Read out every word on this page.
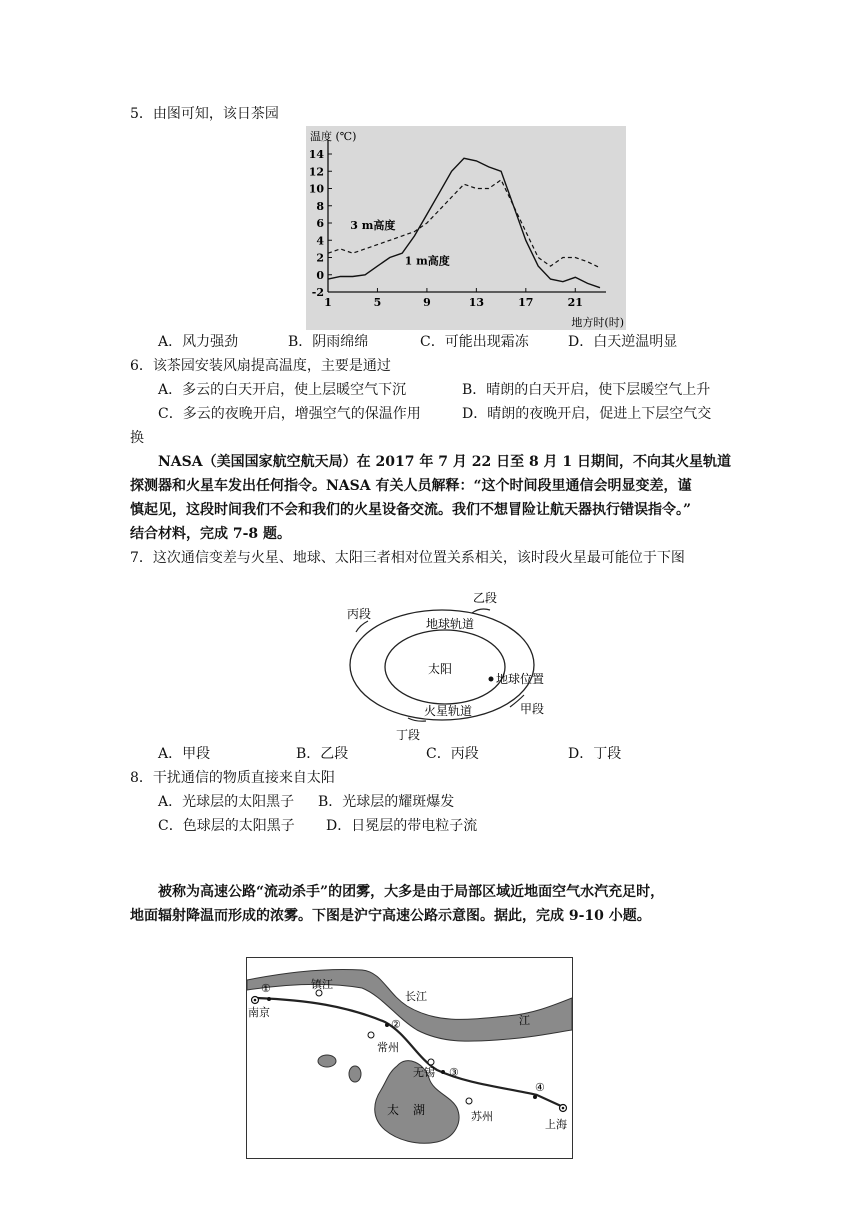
5．由图可知，该日茶园
-2
0
2
4
6
8
10
12
14
1	5	9	13	17	21
温度 (℃)
地方时(时)
1 m高度
3 m高度
A．风力强劲	B．阴雨绵绵	C．可能出现霜冻	D．白天逆温明显
6．该茶园安装风扇提高温度，主要是通过
A．多云的白天开启，使上层暖空气下沉	B．晴朗的白天开启，使下层暖空气上升
C．多云的夜晚开启，增强空气的保温作用	D．晴朗的夜晚开启，促进上下层空气交
换
NASA（美国国家航空航天局）在 2017 年 7 月 22 日至 8 月 1 日期间，不向其火星轨道
探测器和火星车发出任何指令。NASA 有关人员解释：“这个时间段里通信会明显变差，谨
慎起见，这段时间我们不会和我们的火星设备交流。我们不想冒险让航天器执行错误指令。”
结合材料，完成 7-8 题。
7．这次通信变差与火星、地球、太阳三者相对位置关系相关，该时段火星最可能位于下图
太阳
地球轨道
火星轨道
地球位置
甲段
乙段
丙段
丁段
A．甲段	B．乙段	C．丙段	D．丁段
8．干扰通信的物质直接来自太阳
A．光球层的太阳黑子 B．光球层的耀斑爆发
C．色球层的太阳黑子 D．日冕层的带电粒子流
被称为高速公路“流动杀手”的团雾，大多是由于局部区域近地面空气水汽充足时，
地面辐射降温而形成的浓雾。下图是沪宁高速公路示意图。据此，完成 9-10 小题。
南京
镇江
长江
江
常州
无锡
太 湖	苏州
上海
①
②
③
④
